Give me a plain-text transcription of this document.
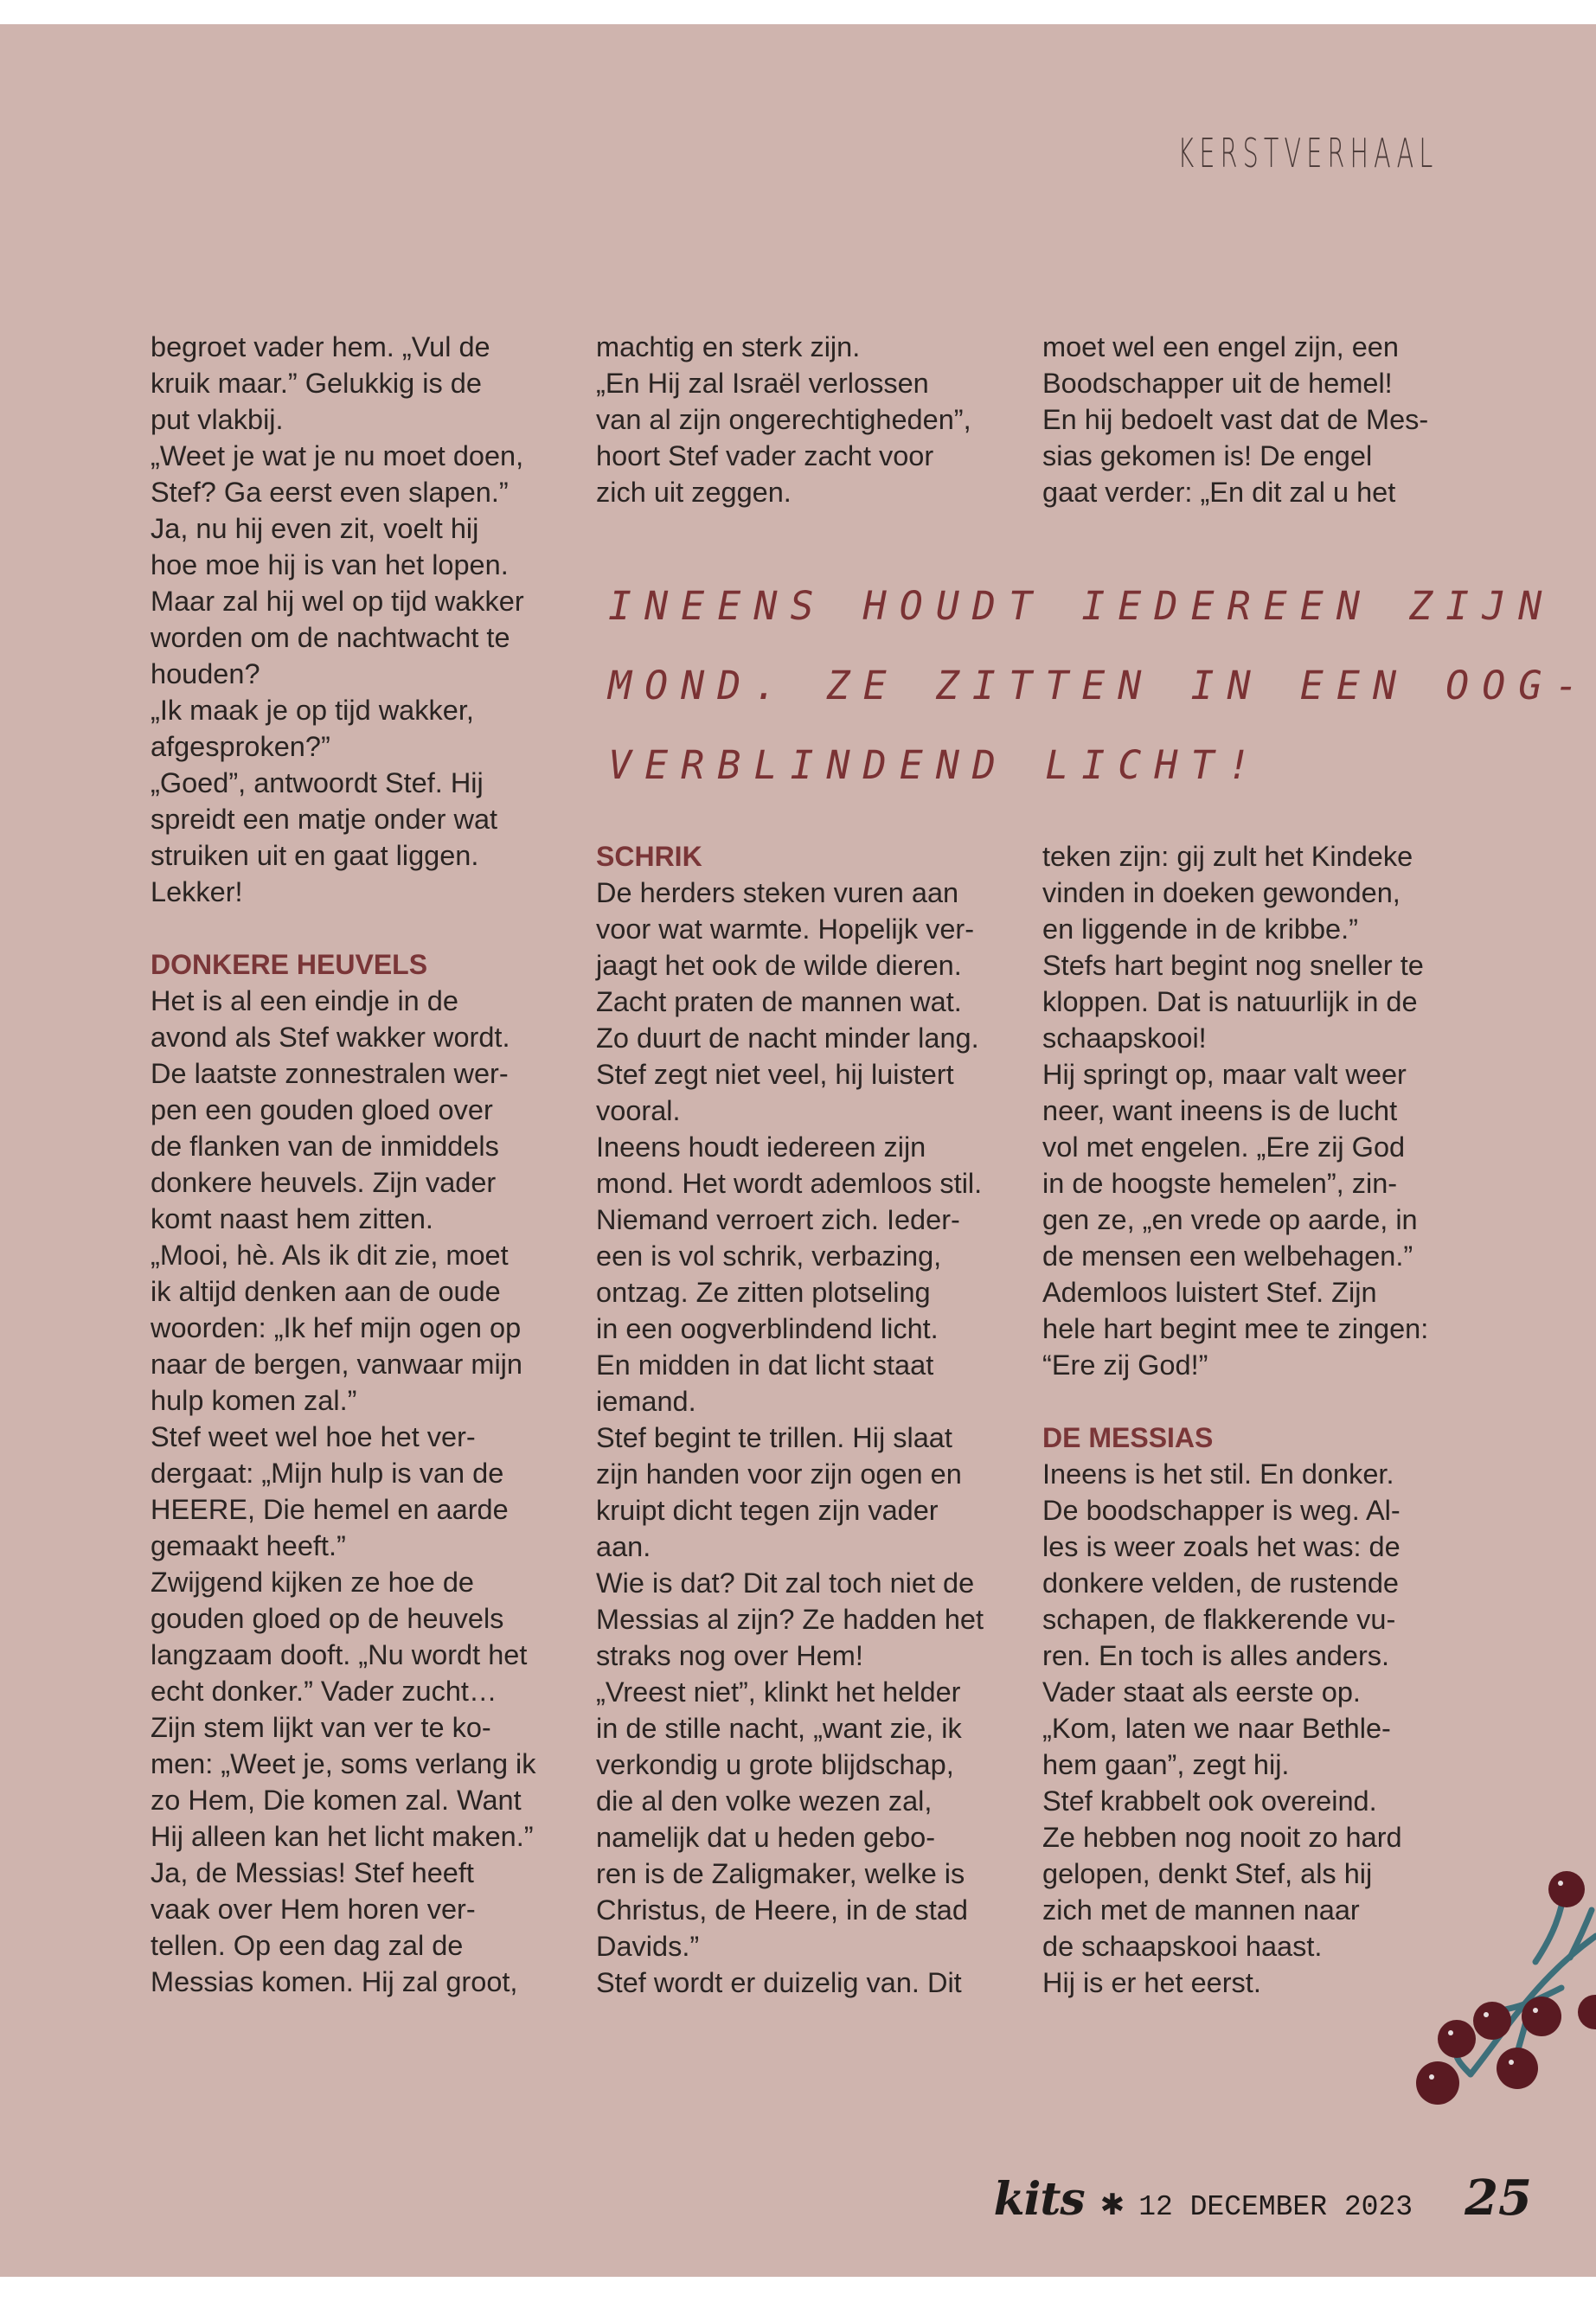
KERSTVERHAAL

begroet vader hem. „Vul de

kruik maar.” Gelukkig is de

put vlakbij.

„Weet je wat je nu moet doen,

Stef? Ga eerst even slapen.”

Ja, nu hij even zit, voelt hij

hoe moe hij is van het lopen.

Maar zal hij wel op tijd wakker

worden om de nachtwacht te

houden?

„Ik maak je op tijd wakker,

afgesproken?”

„Goed”, antwoordt Stef. Hij

spreidt een matje onder wat

struiken uit en gaat liggen.

Lekker!

DONKERE HEUVELS

Het is al een eindje in de

avond als Stef wakker wordt.

De laatste zonnestralen wer-

pen een gouden gloed over

de flanken van de inmiddels

donkere heuvels. Zijn vader

komt naast hem zitten.

„Mooi, hè. Als ik dit zie, moet

ik altijd denken aan de oude

woorden: „Ik hef mijn ogen op

naar de bergen, vanwaar mijn

hulp komen zal.”

Stef weet wel hoe het ver-

dergaat: „Mijn hulp is van de

HEERE, Die hemel en aarde

gemaakt heeft.”

Zwijgend kijken ze hoe de

gouden gloed op de heuvels

langzaam dooft. „Nu wordt het

echt donker.” Vader zucht…

Zijn stem lijkt van ver te ko-

men: „Weet je, soms verlang ik

zo Hem, Die komen zal. Want

Hij alleen kan het licht maken.”

Ja, de Messias! Stef heeft

vaak over Hem horen ver-

tellen. Op een dag zal de

Messias komen. Hij zal groot,

machtig en sterk zijn.

„En Hij zal Israël verlossen

van al zijn ongerechtigheden”,

hoort Stef vader zacht voor

zich uit zeggen.

moet wel een engel zijn, een

Boodschapper uit de hemel!

En hij bedoelt vast dat de Mes-

sias gekomen is! De engel

gaat verder: „En dit zal u het

INEENS HOUDT IEDEREEN ZIJN

MOND. ZE ZITTEN IN EEN OOG-

VERBLINDEND LICHT!

SCHRIK

De herders steken vuren aan

voor wat warmte. Hopelijk ver-

jaagt het ook de wilde dieren.

Zacht praten de mannen wat.

Zo duurt de nacht minder lang.

Stef zegt niet veel, hij luistert

vooral.

Ineens houdt iedereen zijn

mond. Het wordt ademloos stil.

Niemand verroert zich. Ieder-

een is vol schrik, verbazing,

ontzag. Ze zitten plotseling

in een oogverblindend licht.

En midden in dat licht staat

iemand.

Stef begint te trillen. Hij slaat

zijn handen voor zijn ogen en

kruipt dicht tegen zijn vader

aan.

Wie is dat? Dit zal toch niet de

Messias al zijn? Ze hadden het

straks nog over Hem!

„Vreest niet”, klinkt het helder

in de stille nacht, „want zie, ik

verkondig u grote blijdschap,

die al den volke wezen zal,

namelijk dat u heden gebo-

ren is de Zaligmaker, welke is

Christus, de Heere, in de stad

Davids.”

Stef wordt er duizelig van. Dit

teken zijn: gij zult het Kindeke

vinden in doeken gewonden,

en liggende in de kribbe.”

Stefs hart begint nog sneller te

kloppen. Dat is natuurlijk in de

schaapskooi!

Hij springt op, maar valt weer

neer, want ineens is de lucht

vol met engelen. „Ere zij God

in de hoogste hemelen”, zin-

gen ze, „en vrede op aarde, in

de mensen een welbehagen.”

Ademloos luistert Stef. Zijn

hele hart begint mee te zingen:

“Ere zij God!”

DE MESSIAS

Ineens is het stil. En donker.

De boodschapper is weg. Al-

les is weer zoals het was: de

donkere velden, de rustende

schapen, de flakkerende vu-

ren. En toch is alles anders.

Vader staat als eerste op.

„Kom, laten we naar Bethle-

hem gaan”, zegt hij.

Stef krabbelt ook overeind.

Ze hebben nog nooit zo hard

gelopen, denkt Stef, als hij

zich met de mannen naar

de schaapskooi haast.

Hij is er het eerst.

kits ✱ 12 DECEMBER 2023 25
